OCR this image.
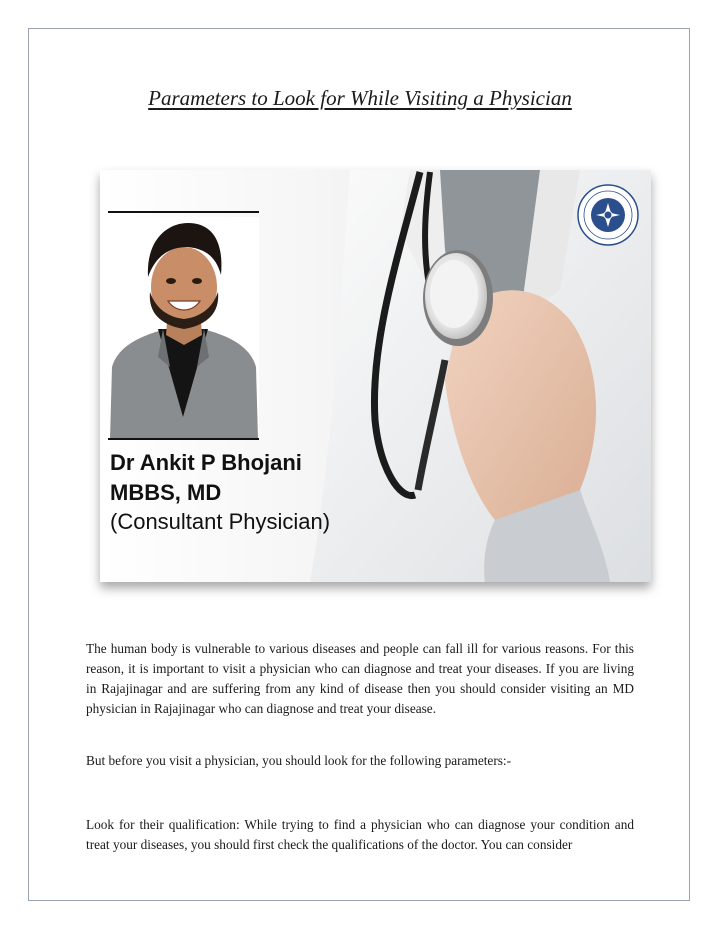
Parameters to Look for While Visiting a Physician
Dr Ankit P Bhojani
MBBS, MD
(Consultant Physician)

The human body is vulnerable to various diseases and people can fall ill for various reasons. For this reason, it is important to visit a physician who can diagnose and treat your diseases. If you are living in Rajajinagar and are suffering from any kind of disease then you should consider visiting an MD physician in Rajajinagar who can diagnose and treat your disease.

But before you visit a physician, you should look for the following parameters:-

Look for their qualification: While trying to find a physician who can diagnose your condition and treat your diseases, you should first check the qualifications of the doctor. You can consider
